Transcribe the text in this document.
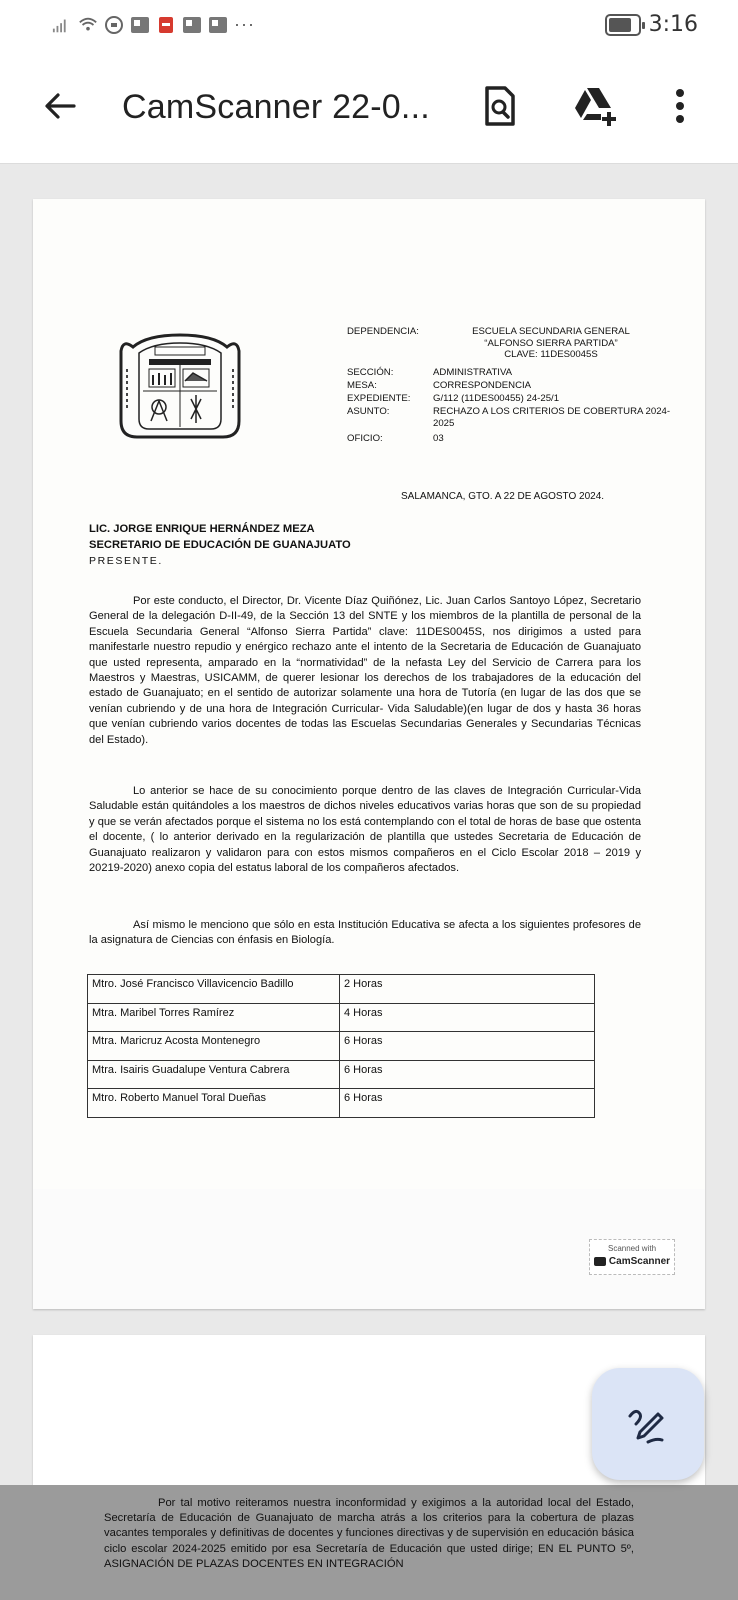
···	3:16
CamScanner 22-0...
DEPENDENCIA:	ESCUELA SECUNDARIA GENERAL
“ALFONSO SIERRA PARTIDA”
CLAVE: 11DES0045S
SECCIÓN:	ADMINISTRATIVA
MESA:	CORRESPONDENCIA
EXPEDIENTE: G/112 (11DES00455) 24-25/1
ASUNTO:	RECHAZO A LOS CRITERIOS DE COBERTURA 2024-
2025
OFICIO:	03
SALAMANCA, GTO. A 22 DE AGOSTO 2024.
LIC. JORGE ENRIQUE HERNÁNDEZ MEZA
SECRETARIO DE EDUCACIÓN DE GUANAJUATO
PRESENTE.

Por este conducto, el Director, Dr. Vicente Díaz Quiñónez, Lic. Juan Carlos Santoyo López, Secretario General de la delegación D-II-49, de la Sección 13 del SNTE y los miembros de la plantilla de personal de la Escuela Secundaria General “Alfonso Sierra Partida” clave: 11DES0045S, nos dirigimos a usted para manifestarle nuestro repudio y enérgico rechazo ante el intento de la Secretaria de Educación de Guanajuato que usted representa, amparado en la “normatividad” de la nefasta Ley del Servicio de Carrera para los Maestros y Maestras, USICAMM, de querer lesionar los derechos de los trabajadores de la educación del estado de Guanajuato; en el sentido de autorizar solamente una hora de Tutoría (en lugar de las dos que se venían cubriendo y de una hora de Integración Curricular- Vida Saludable)(en lugar de dos y hasta 36 horas que venían cubriendo varios docentes de todas las Escuelas Secundarias Generales y Secundarias Técnicas del Estado).

Lo anterior se hace de su conocimiento porque dentro de las claves de Integración Curricular-Vida Saludable están quitándoles a los maestros de dichos niveles educativos varias horas que son de su propiedad y que se verán afectados porque el sistema no los está contemplando con el total de horas de base que ostenta el docente, ( lo anterior derivado en la regularización de plantilla que ustedes Secretaria de Educación de Guanajuato realizaron y validaron para con estos mismos compañeros en el Ciclo Escolar 2018 – 2019 y 20219-2020) anexo copia del estatus laboral de los compañeros afectados.

Así mismo le menciono que sólo en esta Institución Educativa se afecta a los siguientes profesores de la asignatura de Ciencias con énfasis en Biología.

Mtro. José Francisco Villavicencio Badillo	2 Horas
Mtra. Maribel Torres Ramírez	4 Horas
Mtra. Maricruz Acosta Montenegro	6 Horas
Mtra. Isairis Guadalupe Ventura Cabrera	6 Horas
Mtro. Roberto Manuel Toral Dueñas	6 Horas
Scanned with
CamScanner

Por tal motivo reiteramos nuestra inconformidad y exigimos a la autoridad local del Estado, Secretaría de Educación de Guanajuato de marcha atrás a los criterios para la cobertura de plazas vacantes temporales y definitivas de docentes y funciones directivas y de supervisión en educación básica ciclo escolar 2024-2025 emitido por esa Secretaría de Educación que usted dirige; EN EL PUNTO 5º, ASIGNACIÓN DE PLAZAS DOCENTES EN INTEGRACIÓN
